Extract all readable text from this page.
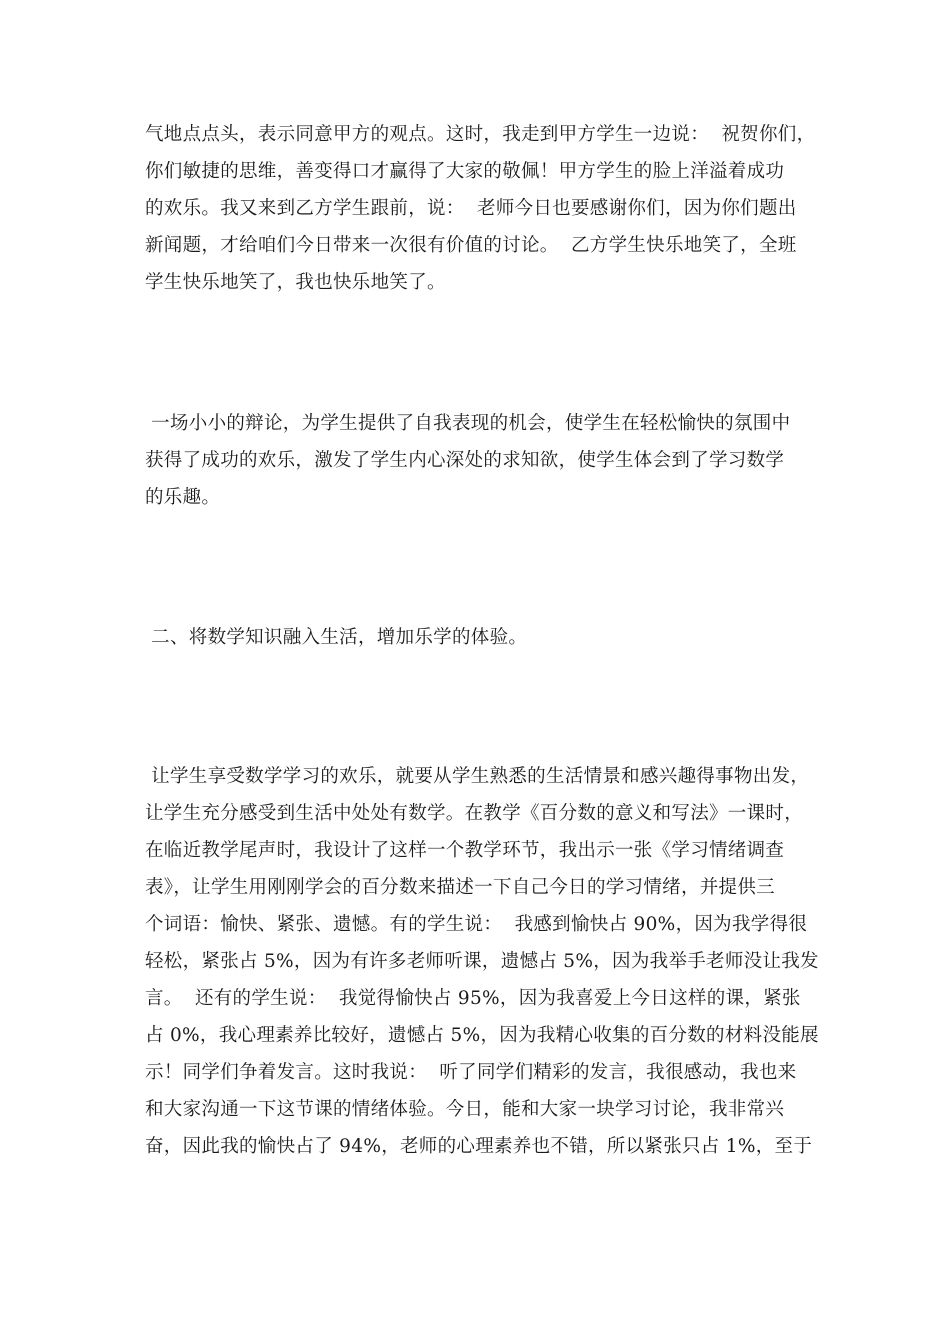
气地点点头，表示同意甲方的观点。这时，我走到甲方学生一边说：  祝贺你们，
你们敏捷的思维，善变得口才赢得了大家的敬佩！甲方学生的脸上洋溢着成功
的欢乐。我又来到乙方学生跟前，说：  老师今日也要感谢你们，因为你们题出
新闻题，才给咱们今日带来一次很有价值的讨论。  乙方学生快乐地笑了，全班
学生快乐地笑了，我也快乐地笑了。
一场小小的辩论，为学生提供了自我表现的机会，使学生在轻松愉快的氛围中
获得了成功的欢乐，激发了学生内心深处的求知欲，使学生体会到了学习数学
的乐趣。
二、将数学知识融入生活，增加乐学的体验。
让学生享受数学学习的欢乐，就要从学生熟悉的生活情景和感兴趣得事物出发，
让学生充分感受到生活中处处有数学。在教学《百分数的意义和写法》一课时，
在临近教学尾声时，我设计了这样一个教学环节，我出示一张《学习情绪调查
表》，让学生用刚刚学会的百分数来描述一下自己今日的学习情绪，并提供三
个词语：愉快、紧张、遗憾。有的学生说：  我感到愉快占 90%，因为我学得很
轻松，紧张占 5%，因为有许多老师听课，遗憾占 5%，因为我举手老师没让我发
言。  还有的学生说：  我觉得愉快占 95%，因为我喜爱上今日这样的课，紧张
占 0%，我心理素养比较好，遗憾占 5%，因为我精心收集的百分数的材料没能展
示！同学们争着发言。这时我说：  听了同学们精彩的发言，我很感动，我也来
和大家沟通一下这节课的情绪体验。今日，能和大家一块学习讨论，我非常兴
奋，因此我的愉快占了 94%，老师的心理素养也不错，所以紧张只占 1%，至于
